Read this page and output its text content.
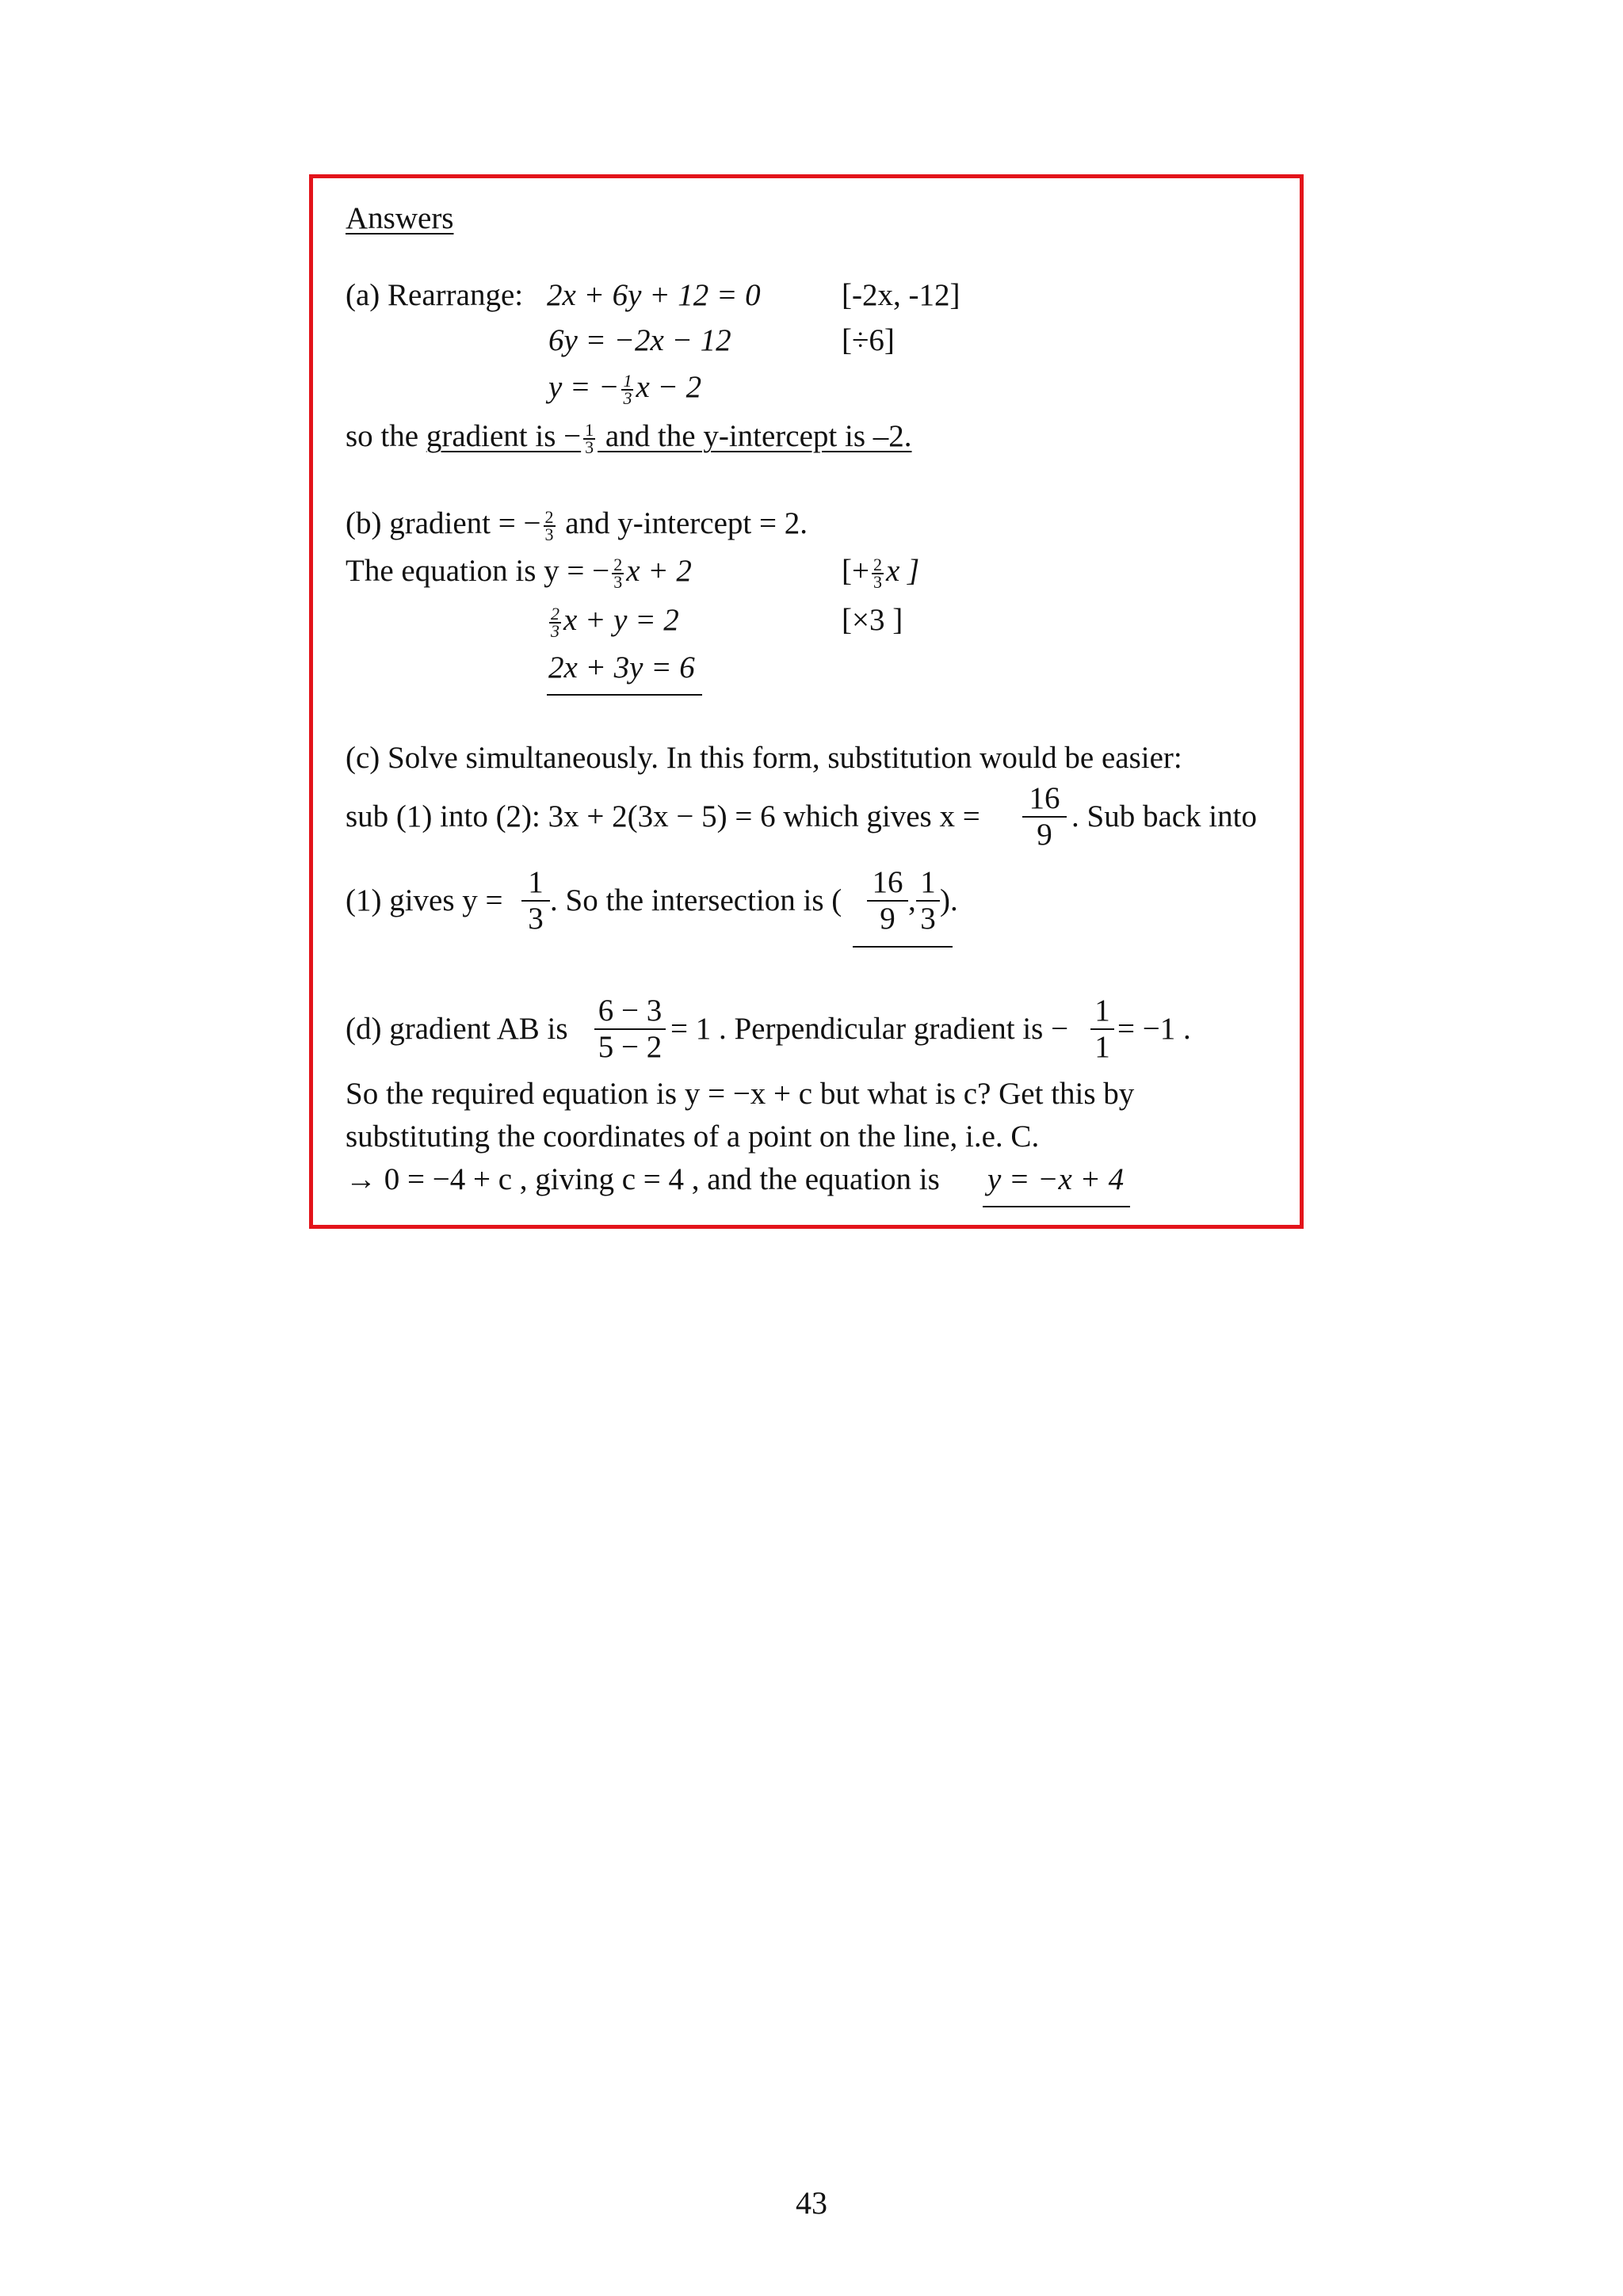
Answers
(a) Rearrange: 2x + 6y + 12 = 0	[-2x, -12]
6y = −2x − 12	[÷6]
y = − $\frac{1}{3}$ x − 2
so the gradient is − $\frac{1}{3}$ and the y-intercept is –2.
(b) gradient = − $\frac{2}{3}$ and y-intercept = 2.
The equation is y = − $\frac{2}{3}$ x + 2	[+ $\frac{2}{3}$ x ]
$\frac{2}{3}$ x + y = 2	[×3 ]
2x + 3y = 6
(c) Solve simultaneously. In this form, substitution would be easier:
sub (1) into (2): 3x + 2(3x − 5) = 6 which gives x =
16
9
. Sub back into
(1) gives y =
1
3
. So the intersection is (
16
9
,
1
3
).
(d) gradient AB is
6 − 3
5 − 2
= 1 . Perpendicular gradient is −
1
1
= −1 .
So the required equation is y = −x + c but what is c? Get this by
substituting the coordinates of a point on the line, i.e. C.
→ 0 = −4 + c , giving c = 4 , and the equation is y = −x + 4
43
